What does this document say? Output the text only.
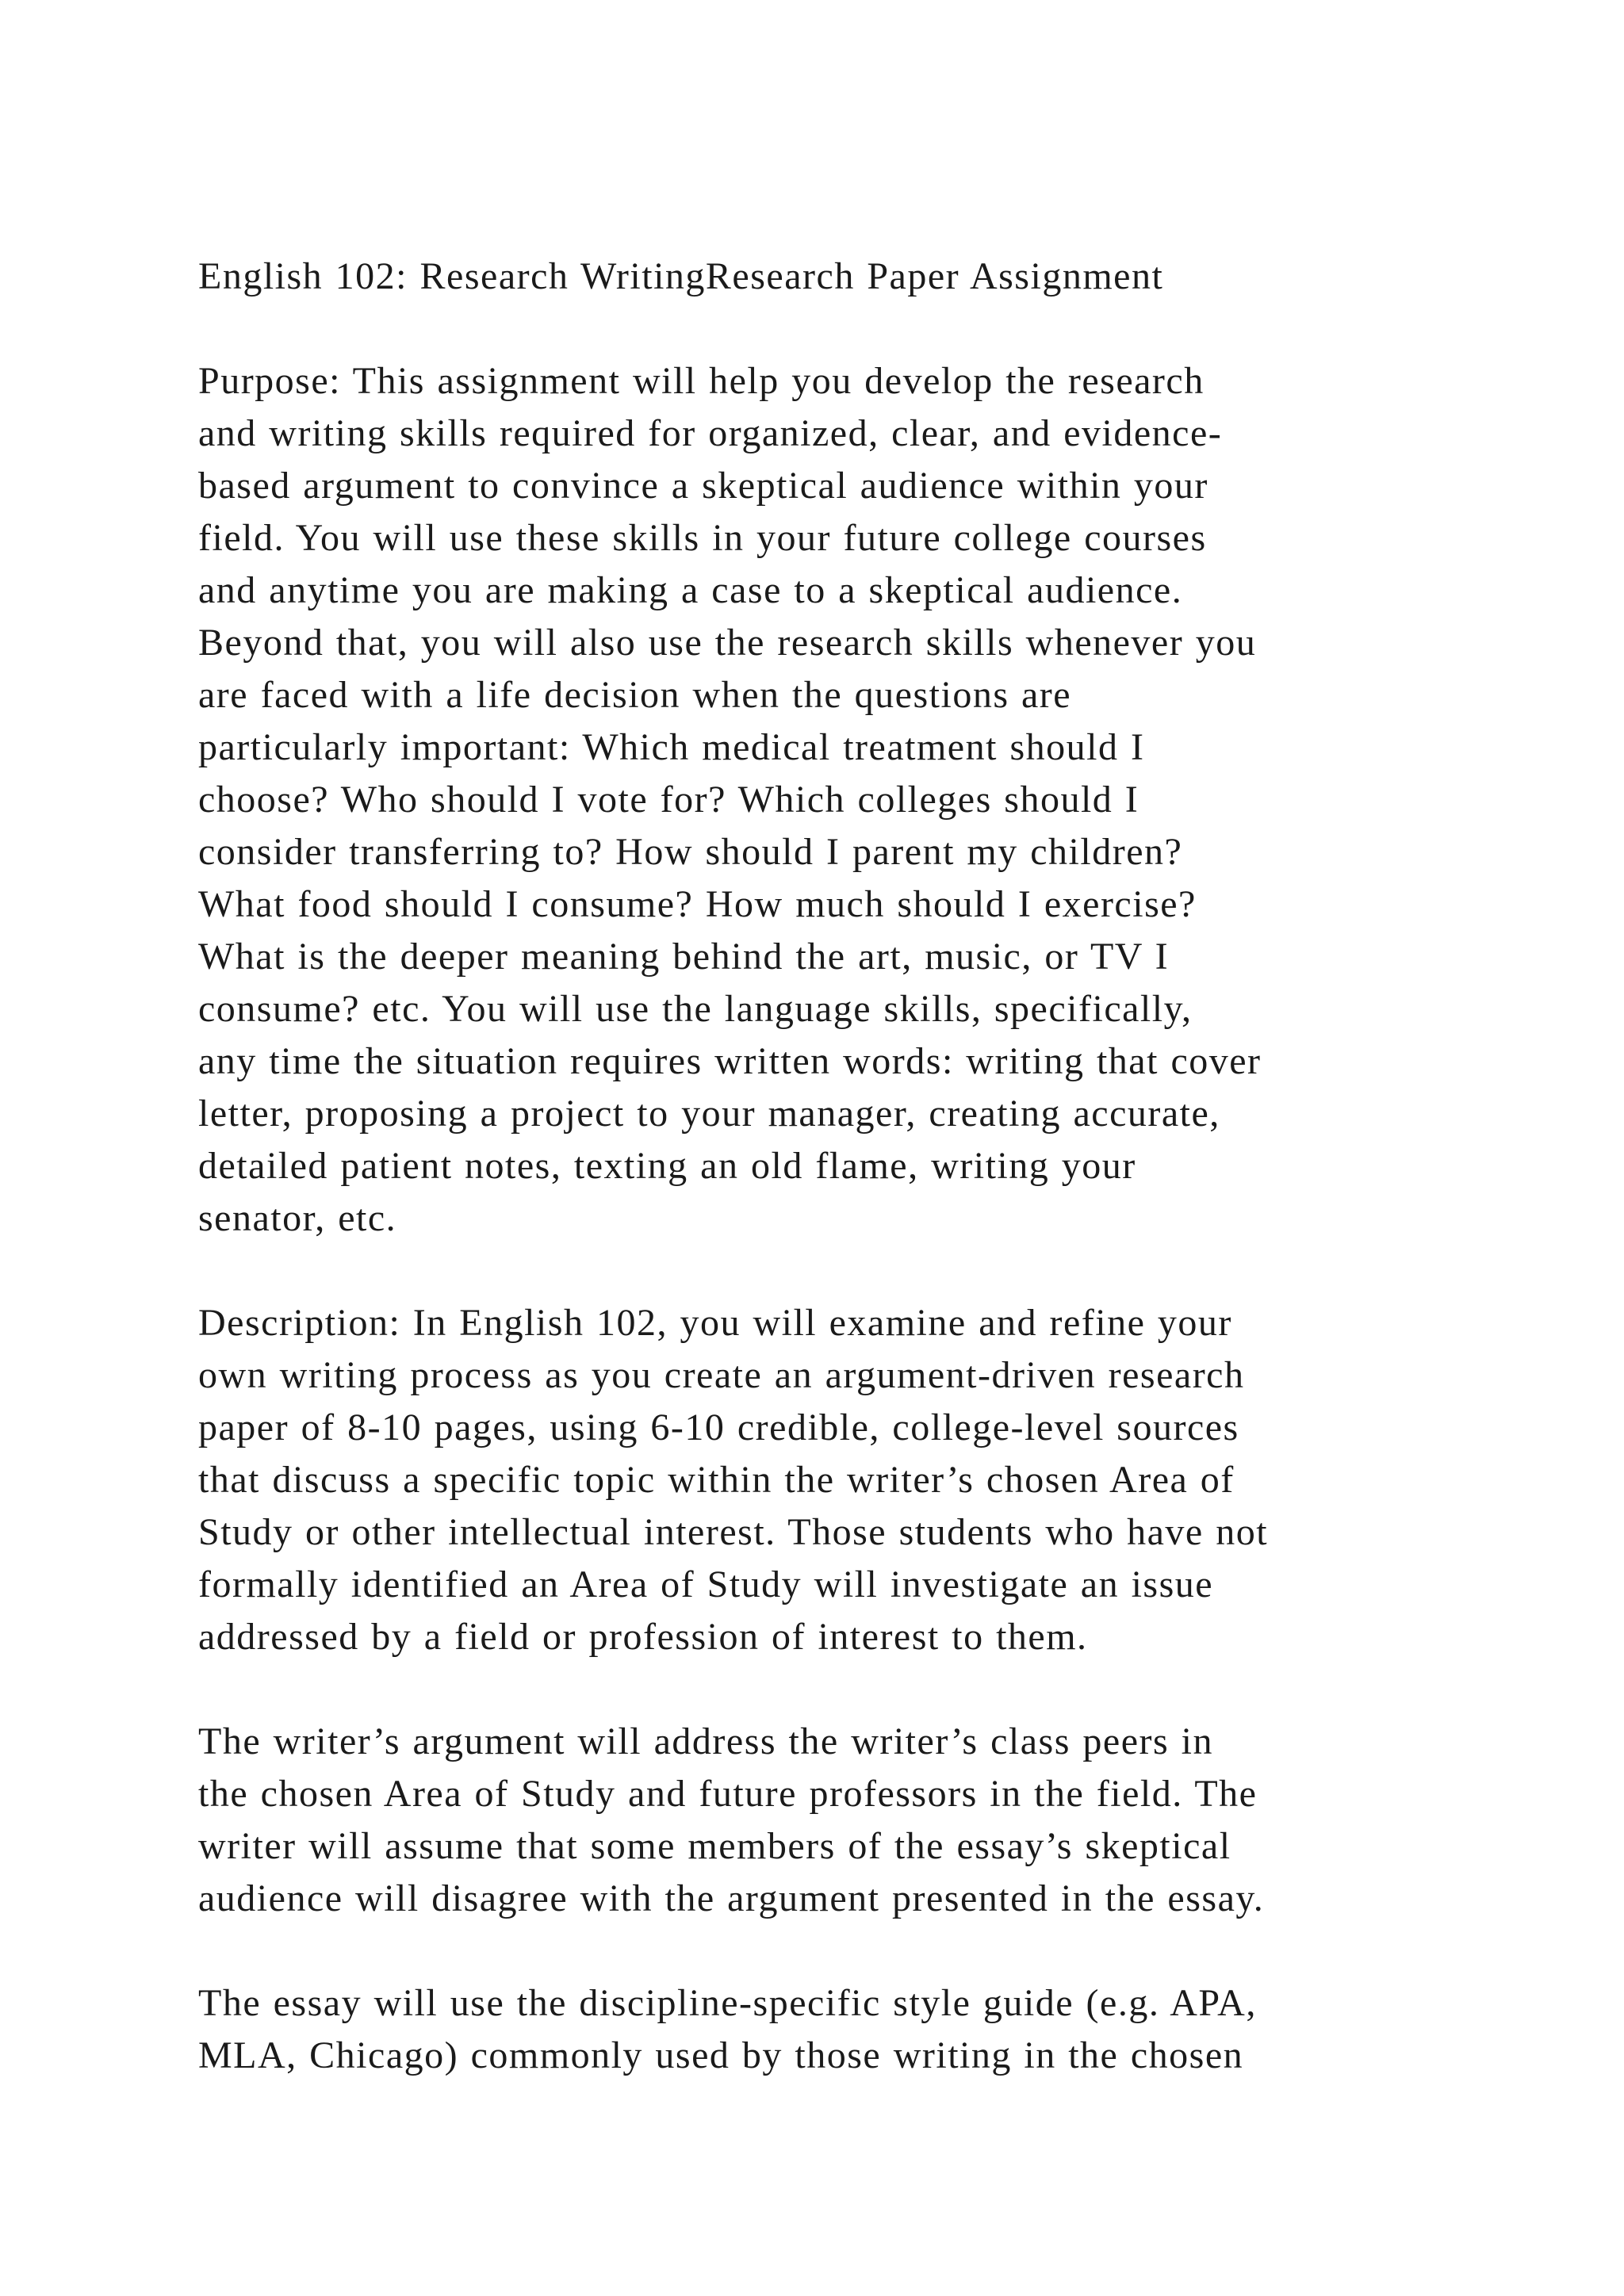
English 102: Research WritingResearch Paper Assignment
Purpose: This assignment will help you develop the research
and writing skills required for organized, clear, and evidence-
based argument to convince a skeptical audience within your
field. You will use these skills in your future college courses
and anytime you are making a case to a skeptical audience.
Beyond that, you will also use the research skills whenever you
are faced with a life decision when the questions are
particularly important: Which medical treatment should I
choose? Who should I vote for? Which colleges should I
consider transferring to? How should I parent my children?
What food should I consume? How much should I exercise?
What is the deeper meaning behind the art, music, or TV I
consume? etc. You will use the language skills, specifically,
any time the situation requires written words: writing that cover
letter, proposing a project to your manager, creating accurate,
detailed patient notes, texting an old flame, writing your
senator, etc.
Description: In English 102, you will examine and refine your
own writing process as you create an argument-driven research
paper of 8-10 pages, using 6-10 credible, college-level sources
that discuss a specific topic within the writer’s chosen Area of
Study or other intellectual interest. Those students who have not
formally identified an Area of Study will investigate an issue
addressed by a field or profession of interest to them.
The writer’s argument will address the writer’s class peers in
the chosen Area of Study and future professors in the field. The
writer will assume that some members of the essay’s skeptical
audience will disagree with the argument presented in the essay.
The essay will use the discipline-specific style guide (e.g. APA,
MLA, Chicago) commonly used by those writing in the chosen
